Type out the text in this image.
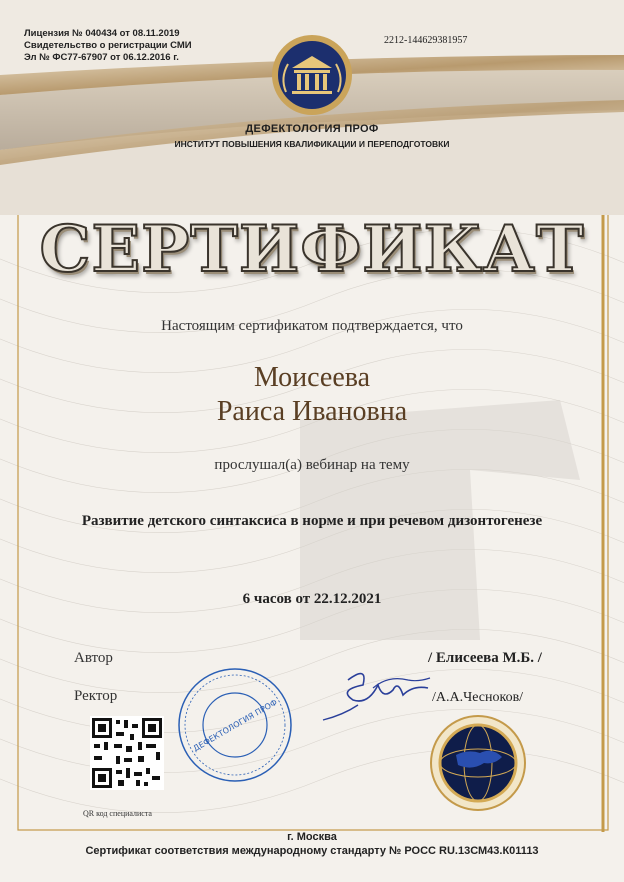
Лицензия № 040434 от 08.11.2019
Свидетельство о регистрации СМИ
Эл № ФС77-67907 от 06.12.2016 г.
2212-144629381957
ДЕФЕКТОЛОГИЯ ПРОФ
ИНСТИТУТ ПОВЫШЕНИЯ КВАЛИФИКАЦИИ И ПЕРЕПОДГОТОВКИ
СЕРТИФИКАТ
Настоящим сертификатом подтверждается, что
Моисеева
Раиса Ивановна
прослушал(а) вебинар на тему
Развитие детского синтаксиса в норме и при речевом дизонтогенезе
6 часов от 22.12.2021
Автор
Ректор
/ Елисеева М.Б. /
/А.А.Чесноков/
ДЕФЕКТОЛОГИЯ ПРОФ
QR код специалиста
г. Москва
Сертификат соответствия международному стандарту № РОСС RU.13СМ43.К01113
